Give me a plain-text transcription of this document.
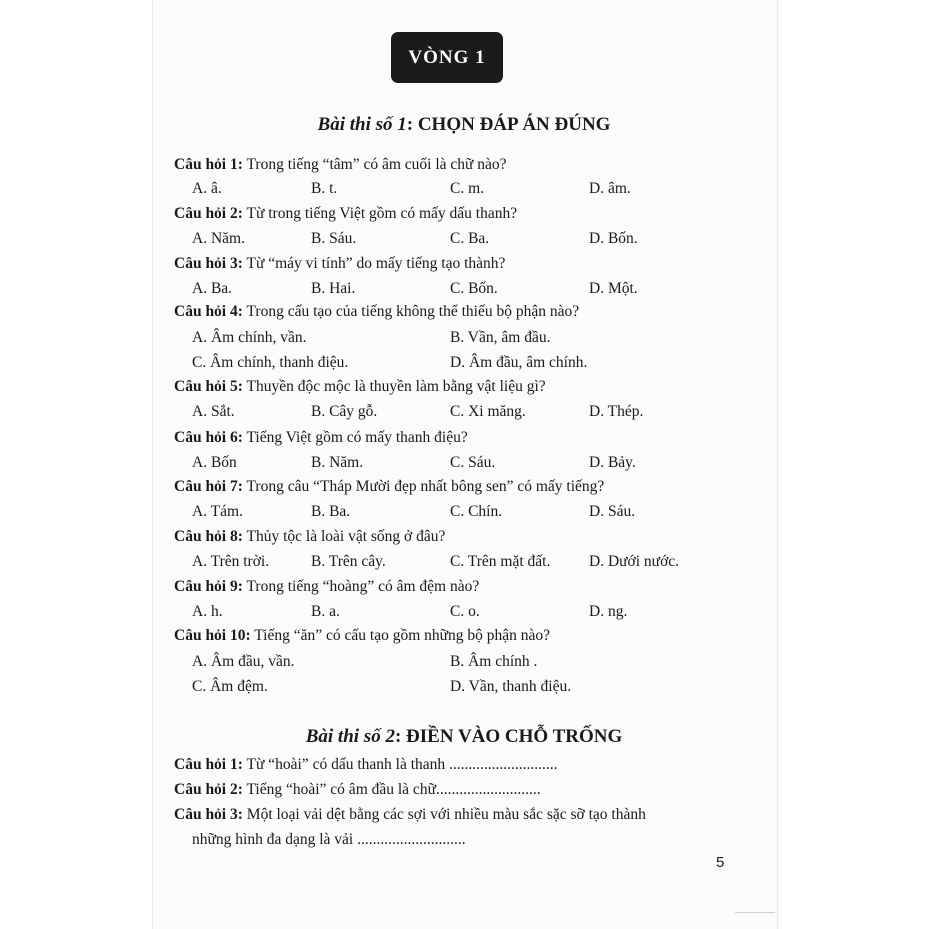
VÒNG 1
Bài thi số 1: CHỌN ĐÁP ÁN ĐÚNG
Câu hỏi 1: Trong tiếng “tâm” có âm cuối là chữ nào?
A. â.	B. t.	C. m.	D. âm.
Câu hỏi 2: Từ trong tiếng Việt gồm có mấy dấu thanh?
A. Năm.	B. Sáu.	C. Ba.	D. Bốn.
Câu hỏi 3: Từ “máy vi tính” do mấy tiếng tạo thành?
A. Ba.	B. Hai.	C. Bốn.	D. Một.
Câu hỏi 4: Trong cấu tạo của tiếng không thể thiếu bộ phận nào?
A. Âm chính, vần.	B. Vần, âm đầu.
C. Âm chính, thanh điệu.	D. Âm đầu, âm chính.
Câu hỏi 5: Thuyền độc mộc là thuyền làm bằng vật liệu gì?
A. Sắt.	B. Cây gỗ.	C. Xi măng.	D. Thép.
Câu hỏi 6: Tiếng Việt gồm có mấy thanh điệu?
A. Bốn	B. Năm.	C. Sáu.	D. Bảy.
Câu hỏi 7: Trong câu “Tháp Mười đẹp nhất bông sen” có mấy tiếng?
A. Tám.	B. Ba.	C. Chín.	D. Sáu.
Câu hỏi 8: Thủy tộc là loài vật sống ở đâu?
A. Trên trời.	B. Trên cây.	C. Trên mặt đất. D. Dưới nước.
Câu hỏi 9: Trong tiếng “hoàng” có âm đệm nào?
A. h.	B. a.	C. o.	D. ng.
Câu hỏi 10: Tiếng “ăn” có cấu tạo gồm những bộ phận nào?
A. Âm đầu, vần.	B. Âm chính .
C. Âm đệm.	D. Vần, thanh điệu.
Bài thi số 2: ĐIỀN VÀO CHỖ TRỐNG
Câu hỏi 1: Từ “hoài” có dấu thanh là thanh ............................
Câu hỏi 2: Tiếng “hoài” có âm đầu là chữ...........................
Câu hỏi 3: Một loại vải dệt bằng các sợi với nhiều màu sắc sặc sỡ tạo thành
những hình đa dạng là vải ............................
5
